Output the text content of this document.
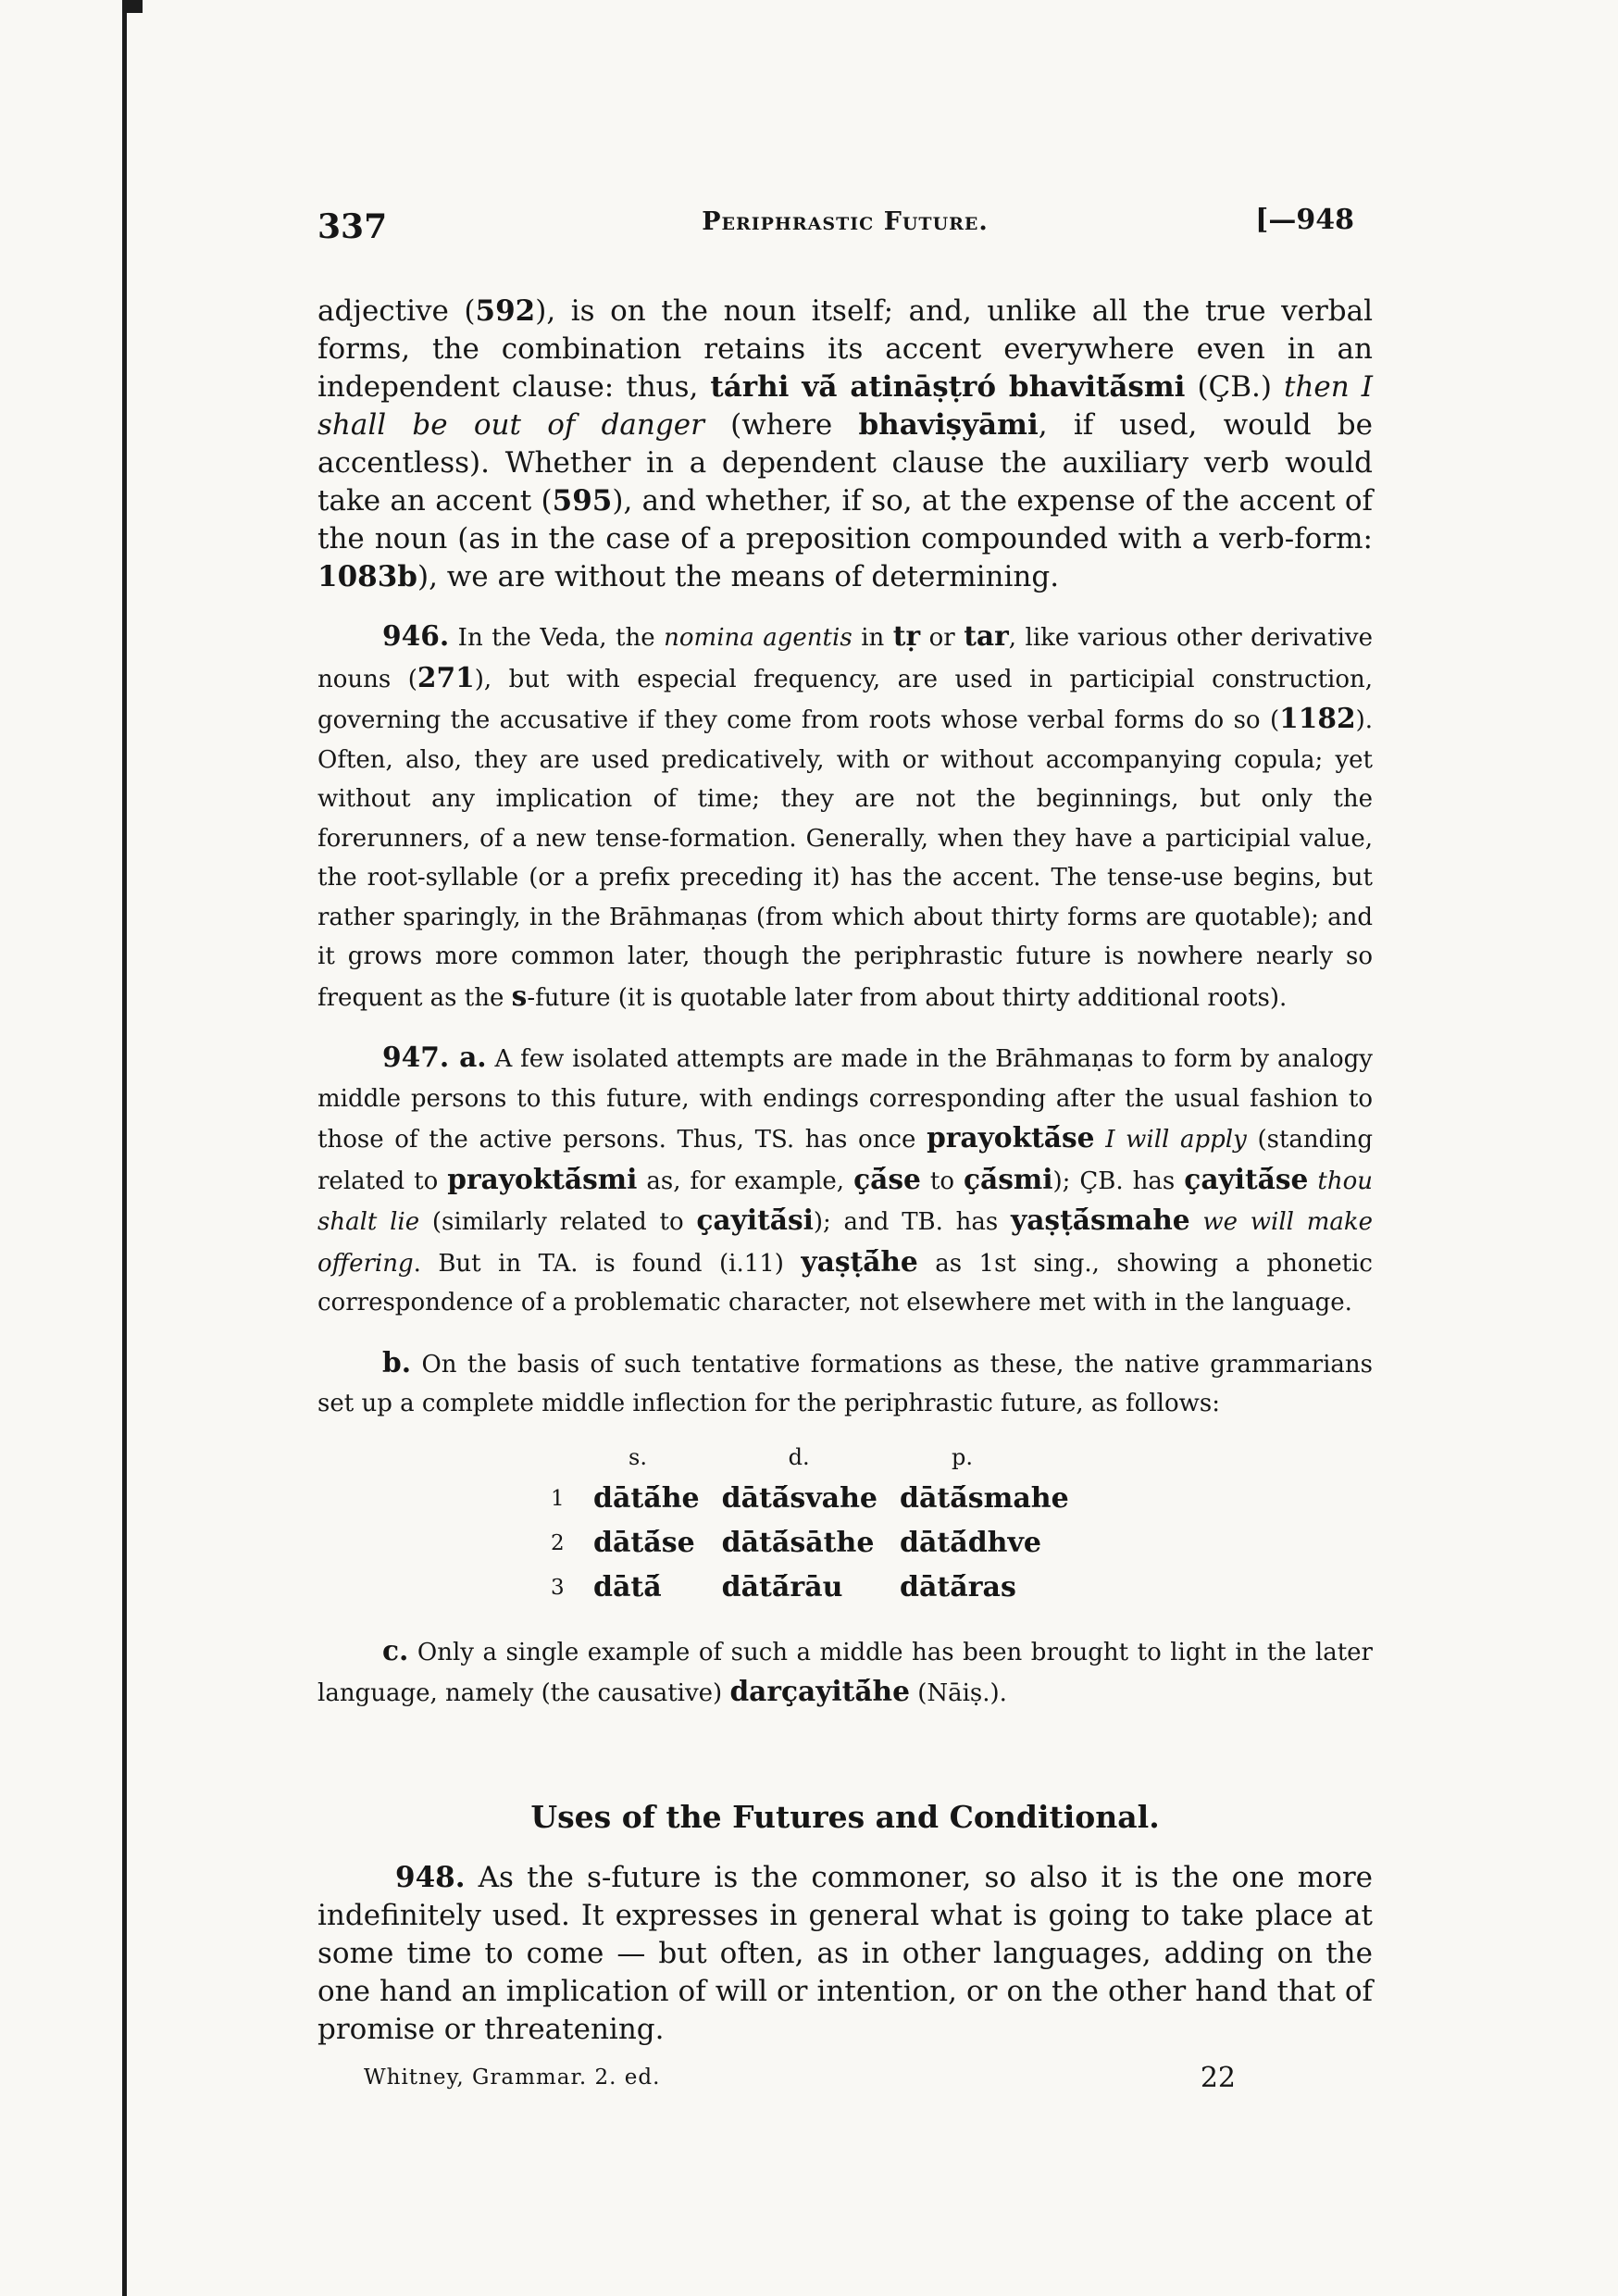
337	Periphrastic Future.	[—948

adjective (592), is on the noun itself; and, unlike all the true verbal forms, the combination retains its accent everywhere even in an independent clause: thus, tárhi vā́ atināṣṭró bhavitā́smi (ÇB.) then I shall be out of danger (where bhaviṣyāmi, if used, would be accentless). Whether in a dependent clause the auxiliary verb would take an accent (595), and whether, if so, at the expense of the accent of the noun (as in the case of a preposition compounded with a verb-form: 1083b), we are without the means of determining.

946. In the Veda, the nomina agentis in tṛ or tar, like various other derivative nouns (271), but with especial frequency, are used in participial construction, governing the accusative if they come from roots whose verbal forms do so (1182). Often, also, they are used predicatively, with or without accompanying copula; yet without any implication of time; they are not the beginnings, but only the forerunners, of a new tense-formation. Generally, when they have a participial value, the root-syllable (or a prefix preceding it) has the accent. The tense-use begins, but rather sparingly, in the Brāhmaṇas (from which about thirty forms are quotable); and it grows more common later, though the periphrastic future is nowhere nearly so frequent as the s-future (it is quotable later from about thirty additional roots).

947. a. A few isolated attempts are made in the Brāhmaṇas to form by analogy middle persons to this future, with endings corresponding after the usual fashion to those of the active persons. Thus, TS. has once prayoktā́se I will apply (standing related to prayoktā́smi as, for example, çā́se to çā́smi); ÇB. has çayitā́se thou shalt lie (similarly related to çayitā́si); and TB. has yaṣṭā́smahe we will make offering. But in TA. is found (i.11) yaṣṭā́he as 1st sing., showing a phonetic correspondence of a problematic character, not elsewhere met with in the language.

b. On the basis of such tentative formations as these, the native grammarians set up a complete middle inflection for the periphrastic future, as follows:

	s.	d.	p.
1	dātā́he	dātā́svahe	dātā́smahe
2	dātā́se	dātā́sāthe	dātā́dhve
3	dātā́	dātā́rāu	dātā́ras

c. Only a single example of such a middle has been brought to light in the later language, namely (the causative) darçayitā́he (Nāiṣ.).

Uses of the Futures and Conditional.

948. As the s-future is the commoner, so also it is the one more indefinitely used. It expresses in general what is going to take place at some time to come — but often, as in other languages, adding on the one hand an implication of will or intention, or on the other hand that of promise or threatening.

Whitney, Grammar. 2. ed.	22
